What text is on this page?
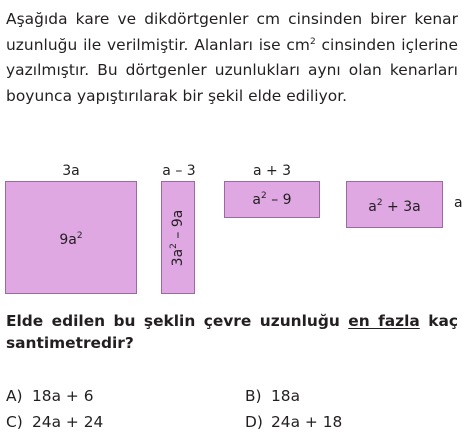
Aşağıda kare ve dikdörtgenler cm cinsinden birer kenar uzunluğu ile verilmiştir. Alanları ise $cm^2$ cinsinden içlerine yazılmıştır. Bu dörtgenler uzunlukları aynı olan kenarları boyunca yapıştırılarak bir şekil elde ediliyor.

3a
$9a^2$
a – 3
$3a^2 - 9a$
a + 3
$a^2 - 9$	$a^2 + 3a$ a

Elde edilen bu şeklin çevre uzunluğu en fazla kaç santimetredir?

A) 18a + 6	B) 18a
C) 24a + 24	D) 24a + 18
